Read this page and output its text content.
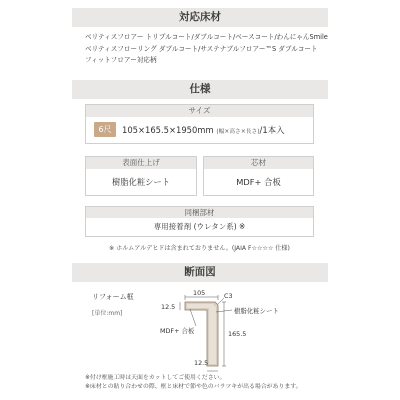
対応床材
ベリティスフロアー トリプルコート/ダブルコート/ベースコート/わんにゃんSmile
ベリティスフローリング ダブルコート/サステナブルフロアー™S ダブルコート
フィットフロアー対応柄
仕様
サイズ
6尺	105×165.5×1950mm (幅×高さ×長さ)/1本入
表面仕上げ
樹脂化粧シート
芯材
MDF+ 合板
同梱部材
専用接着剤 (ウレタン系) ※
※ ホルムアルデヒドは含まれておりません。(JAIA F☆☆☆☆ 仕様)
断面図
リフォーム框
[単位:mm]
105	C3
12.5
165.5
12.5
樹脂化粧シート
MDF+ 合板
※付け框施工時は天面をカットしてご使用ください。
※床材との貼り合わせの際、框と床材で節や色のバラツキが出る場合があります。
